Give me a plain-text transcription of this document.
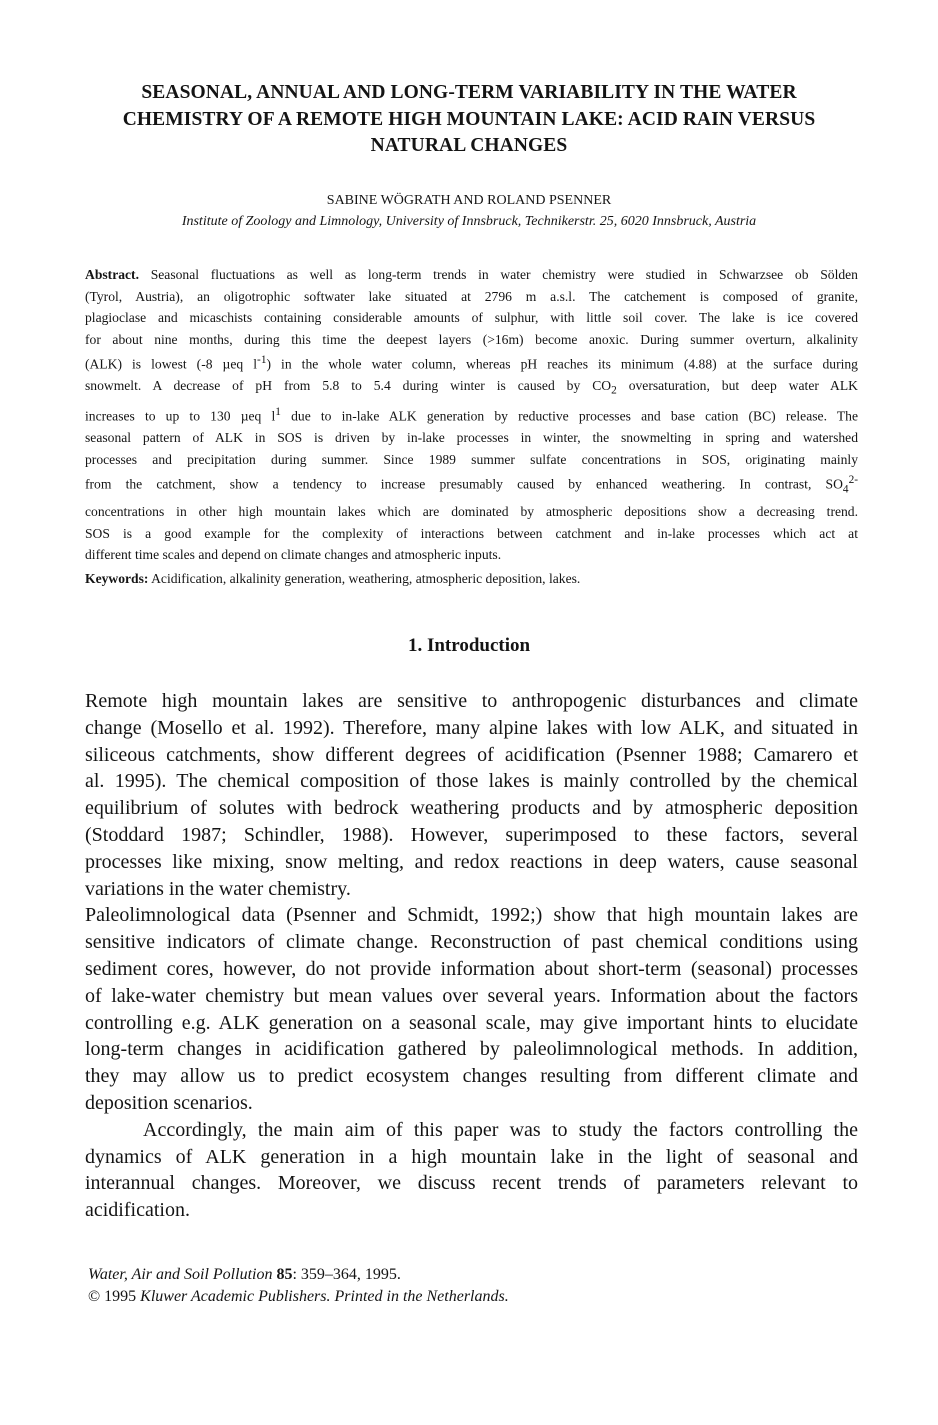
SEASONAL, ANNUAL AND LONG-TERM VARIABILITY IN THE WATER
CHEMISTRY OF A REMOTE HIGH MOUNTAIN LAKE: ACID RAIN VERSUS
NATURAL CHANGES
SABINE WÖGRATH AND ROLAND PSENNER
Institute of Zoology and Limnology, University of Innsbruck, Technikerstr. 25, 6020 Innsbruck, Austria
Abstract. Seasonal fluctuations as well as long-term trends in water chemistry were studied in Schwarzsee ob Sölden
(Tyrol, Austria), an oligotrophic softwater lake situated at 2796 m a.s.l. The catchement is composed of granite,
plagioclase and micaschists containing considerable amounts of sulphur, with little soil cover. The lake is ice covered
for about nine months, during this time the deepest layers (>16m) become anoxic. During summer overturn, alkalinity
(ALK) is lowest (-8 µeq $l^{-1}$) in the whole water column, whereas pH reaches its minimum (4.88) at the surface during
snowmelt. A decrease of pH from 5.8 to 5.4 during winter is caused by $CO_2$ oversaturation, but deep water ALK
increases to up to 130 µeq $l^1$ due to in-lake ALK generation by reductive processes and base cation (BC) release. The
seasonal pattern of ALK in SOS is driven by in-lake processes in winter, the snowmelting in spring and watershed
processes and precipitation during summer. Since 1989 summer sulfate concentrations in SOS, originating mainly
from the catchment, show a tendency to increase presumably caused by enhanced weathering. In contrast, $SO_4^{2-}$
concentrations in other high mountain lakes which are dominated by atmospheric depositions show a decreasing trend.
SOS is a good example for the complexity of interactions between catchment and in-lake processes which act at
different time scales and depend on climate changes and atmospheric inputs.
Keywords: Acidification, alkalinity generation, weathering, atmospheric deposition, lakes.
1. Introduction
Remote high mountain lakes are sensitive to anthropogenic disturbances and climate
change (Mosello et al. 1992). Therefore, many alpine lakes with low ALK, and situated in
siliceous catchments, show different degrees of acidification (Psenner 1988; Camarero et
al. 1995). The chemical composition of those lakes is mainly controlled by the chemical
equilibrium of solutes with bedrock weathering products and by atmospheric deposition
(Stoddard 1987; Schindler, 1988). However, superimposed to these factors, several
processes like mixing, snow melting, and redox reactions in deep waters, cause seasonal
variations in the water chemistry.
Paleolimnological data (Psenner and Schmidt, 1992;) show that high mountain lakes are
sensitive indicators of climate change. Reconstruction of past chemical conditions using
sediment cores, however, do not provide information about short-term (seasonal) processes
of lake-water chemistry but mean values over several years. Information about the factors
controlling e.g. ALK generation on a seasonal scale, may give important hints to elucidate
long-term changes in acidification gathered by paleolimnological methods. In addition,
they may allow us to predict ecosystem changes resulting from different climate and
deposition scenarios.
Accordingly, the main aim of this paper was to study the factors controlling the
dynamics of ALK generation in a high mountain lake in the light of seasonal and
interannual changes. Moreover, we discuss recent trends of parameters relevant to
acidification.
Water, Air and Soil Pollution 85: 359–364, 1995.
© 1995 Kluwer Academic Publishers. Printed in the Netherlands.
